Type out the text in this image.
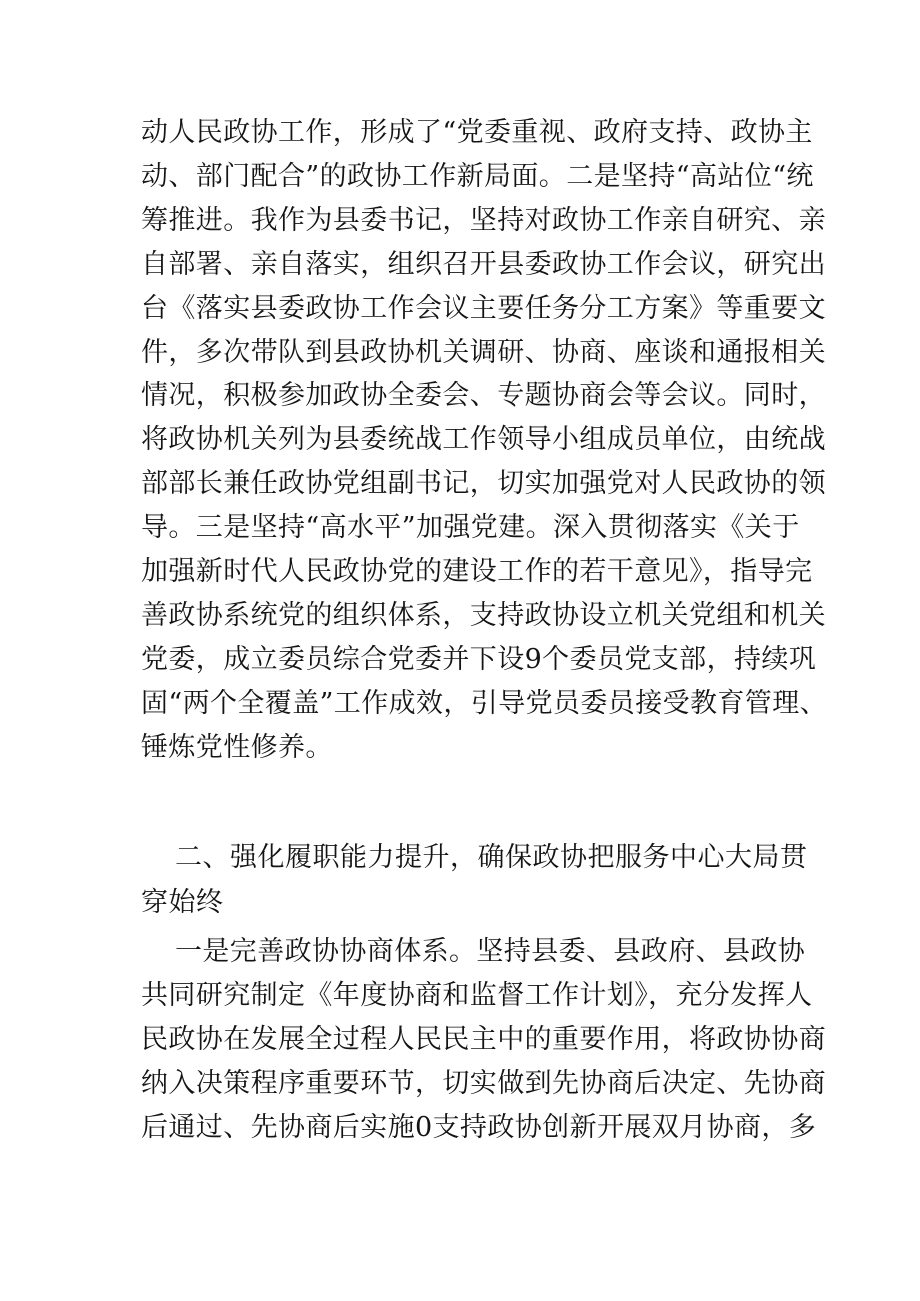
动人民政协工作，形成了“党委重视、政府支持、政协主
动、部门配合”的政协工作新局面。二是坚持“高站位“统
筹推进。我作为县委书记，坚持对政协工作亲自研究、亲
自部署、亲自落实，组织召开县委政协工作会议，研究出
台《落实县委政协工作会议主要任务分工方案》等重要文
件，多次带队到县政协机关调研、协商、座谈和通报相关
情况，积极参加政协全委会、专题协商会等会议。同时，
将政协机关列为县委统战工作领导小组成员单位，由统战
部部长兼任政协党组副书记，切实加强党对人民政协的领
导。三是坚持“高水平”加强党建。深入贯彻落实《关于
加强新时代人民政协党的建设工作的若干意见》，指导完
善政协系统党的组织体系，支持政协设立机关党组和机关
党委，成立委员综合党委并下设9个委员党支部，持续巩
固“两个全覆盖”工作成效，引导党员委员接受教育管理、
锤炼党性修养。
二、强化履职能力提升，确保政协把服务中心大局贯
穿始终
一是完善政协协商体系。坚持县委、县政府、县政协
共同研究制定《年度协商和监督工作计划》，充分发挥人
民政协在发展全过程人民民主中的重要作用，将政协协商
纳入决策程序重要环节，切实做到先协商后决定、先协商
后通过、先协商后实施0支持政协创新开展双月协商，多
